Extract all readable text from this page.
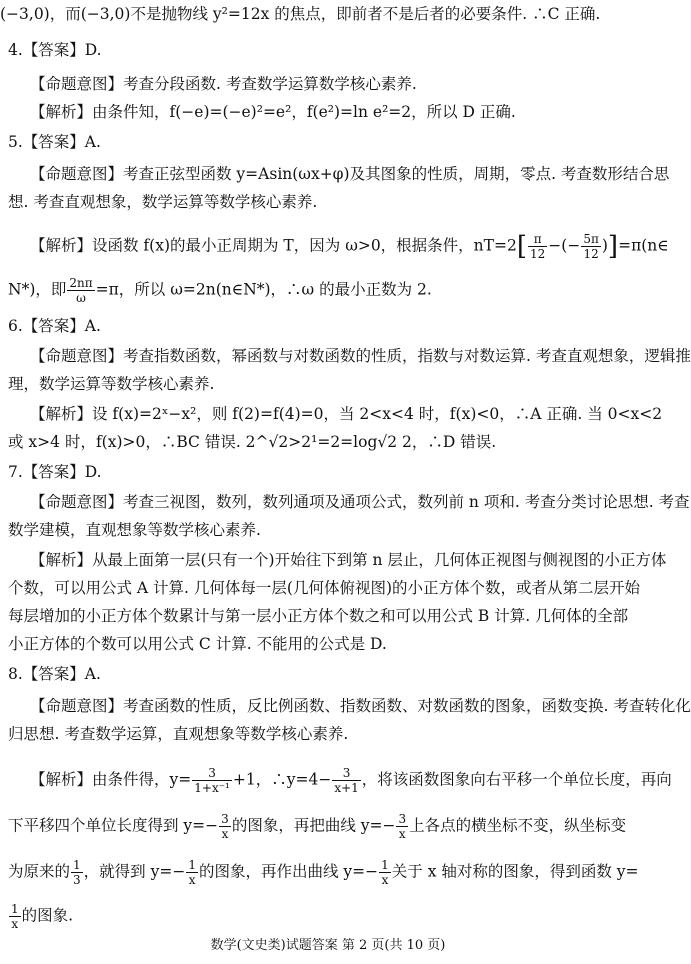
(−3,0)，而(−3,0)不是抛物线 y²=12x 的焦点，即前者不是后者的必要条件. ∴C 正确.
4.【答案】D.
【命题意图】考查分段函数. 考查数学运算数学核心素养.
【解析】由条件知，f(−e)=(−e)²=e²，f(e²)=ln e²=2，所以 D 正确.
5.【答案】A.
【命题意图】考查正弦型函数 y=Asin(ωx+φ)及其图象的性质，周期，零点. 考查数形结合思
想. 考查直观想象，数学运算等数学核心素养.
【解析】设函数 f(x)的最小正周期为 T，因为 ω>0，根据条件，$nT=2[ \frac{\pi}{12}$ −(− $\frac{5\pi}{12}$ )]=π(n∈
N*)，即 $\frac{2n\pi}{\omega} =\pi$，所以 ω=2n(n∈N*)，∴ω 的最小正数为 2.
6.【答案】A.
【命题意图】考查指数函数，幂函数与对数函数的性质，指数与对数运算. 考查直观想象，逻辑推
理，数学运算等数学核心素养.
【解析】设 f(x)=2ˣ−x²，则 f(2)=f(4)=0，当 2<x<4 时，f(x)<0，∴A 正确. 当 0<x<2
或 x>4 时，f(x)>0，∴BC 错误. 2^√2>2¹=2=log√2 2，∴D 错误.
7.【答案】D.
【命题意图】考查三视图，数列，数列通项及通项公式，数列前 n 项和. 考查分类讨论思想. 考查
数学建模，直观想象等数学核心素养.
【解析】从最上面第一层(只有一个)开始往下到第 n 层止，几何体正视图与侧视图的小正方体
个数，可以用公式 A 计算. 几何体每一层(几何体俯视图)的小正方体个数，或者从第二层开始
每层增加的小正方体个数累计与第一层小正方体个数之和可以用公式 B 计算. 几何体的全部
小正方体的个数可以用公式 C 计算. 不能用的公式是 D.
8.【答案】A.
【命题意图】考查函数的性质，反比例函数、指数函数、对数函数的图象，函数变换. 考查转化化
归思想. 考查数学运算，直观想象等数学核心素养.
【解析】由条件得，$y= \frac{3}{\text{1+x⁻¹}} +1$，∴y=4− $\frac{3}{x+1}$ ，将该函数图象向右平移一个单位长度，再向
下平移四个单位长度得到 $y=- \frac{3}{x}$ 的图象，再把曲线 $y=- \frac{3}{x}$ 上各点的横坐标不变，纵坐标变
为原来的 $\frac{1}{3}$ ，就得到 $y=- \frac{1}{x}$ 的图象，再作出曲线 $y=- \frac{1}{x}$ 关于 x 轴对称的图象，得到函数 y=
$\frac{1}{x}$ 的图象.
数学(文史类)试题答案 第 2 页(共 10 页)
